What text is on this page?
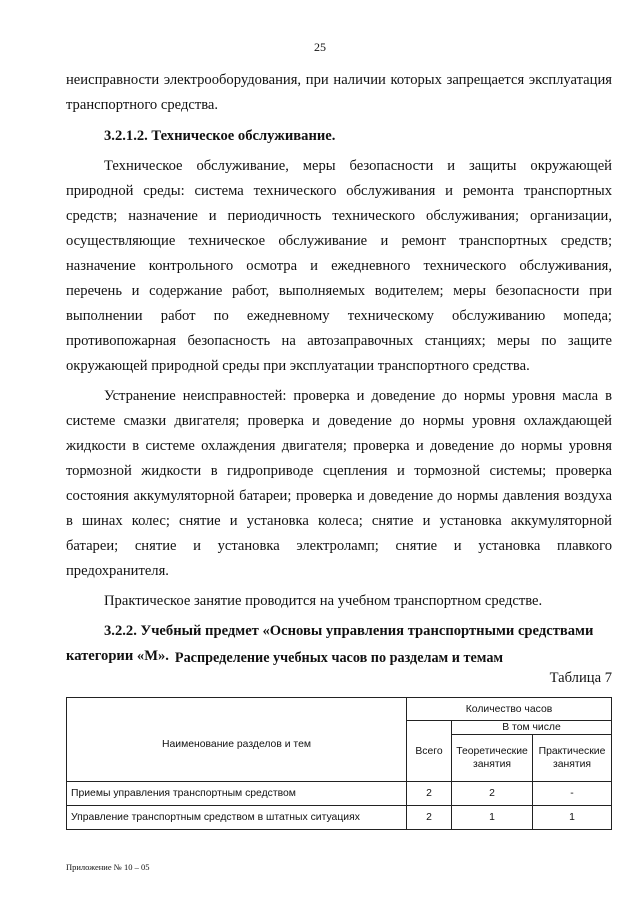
25

неисправности электрооборудования, при наличии которых запрещается эксплуатация транспортного средства.

3.2.1.2. Техническое обслуживание.

Техническое обслуживание, меры безопасности и защиты окружающей природной среды: система технического обслуживания и ремонта транспортных средств; назначение и периодичность технического обслуживания; организации, осуществляющие техническое обслуживание и ремонт транспортных средств; назначение контрольного осмотра и ежедневного технического обслуживания, перечень и содержание работ, выполняемых водителем; меры безопасности при выполнении работ по ежедневному техническому обслуживанию мопеда; противопожарная безопасность на автозаправочных станциях; меры по защите окружающей природной среды при эксплуатации транспортного средства.

Устранение неисправностей: проверка и доведение до нормы уровня масла в системе смазки двигателя; проверка и доведение до нормы уровня охлаждающей жидкости в системе охлаждения двигателя; проверка и доведение до нормы уровня тормозной жидкости в гидроприводе сцепления и тормозной системы; проверка состояния аккумуляторной батареи; проверка и доведение до нормы давления воздуха в шинах колес; снятие и установка колеса; снятие и установка аккумуляторной батареи; снятие и установка электроламп; снятие и установка плавкого предохранителя.

Практическое занятие проводится на учебном транспортном средстве.

3.2.2. Учебный предмет «Основы управления транспортными средствами категории «М». Распределение учебных часов по разделам и темам
Таблица 7
Наименование разделов и тем	Количество часов		
	Всего	В том числе	
		Теоретические занятия	Практические занятия
Приемы управления транспортным средством	2	2	-
Управление транспортным средством в штатных ситуациях	2	1	1
Приложение № 10 – 05
